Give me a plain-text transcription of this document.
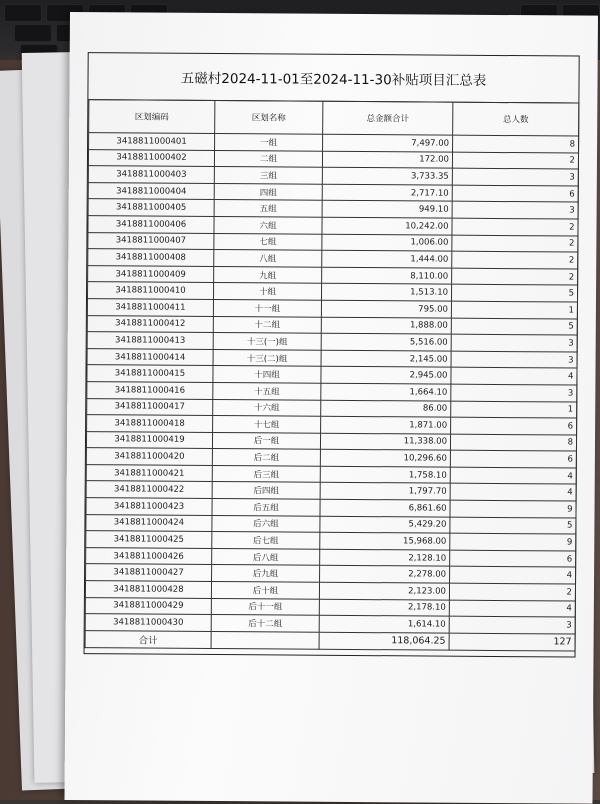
五磁村2024-11-01至2024-11-30补贴项目汇总表
区划编码	区划名称	总金额合计	总人数
3418811000401	一组	7,497.00	8
3418811000402	二组	172.00	2
3418811000403	三组	3,733.35	3
3418811000404	四组	2,717.10	6
3418811000405	五组	949.10	3
3418811000406	六组	10,242.00	2
3418811000407	七组	1,006.00	2
3418811000408	八组	1,444.00	2
3418811000409	九组	8,110.00	2
3418811000410	十组	1,513.10	5
3418811000411	十一组	795.00	1
3418811000412	十二组	1,888.00	5
3418811000413	十三(一)组	5,516.00	3
3418811000414	十三(二)组	2,145.00	3
3418811000415	十四组	2,945.00	4
3418811000416	十五组	1,664.10	3
3418811000417	十六组	86.00	1
3418811000418	十七组	1,871.00	6
3418811000419	后一组	11,338.00	8
3418811000420	后二组	10,296.60	6
3418811000421	后三组	1,758.10	4
3418811000422	后四组	1,797.70	4
3418811000423	后五组	6,861.60	9
3418811000424	后六组	5,429.20	5
3418811000425	后七组	15,968.00	9
3418811000426	后八组	2,128.10	6
3418811000427	后九组	2,278.00	4
3418811000428	后十组	2,123.00	2
3418811000429	后十一组	2,178.10	4
3418811000430	后十二组	1,614.10	3
合计		118,064.25	127
